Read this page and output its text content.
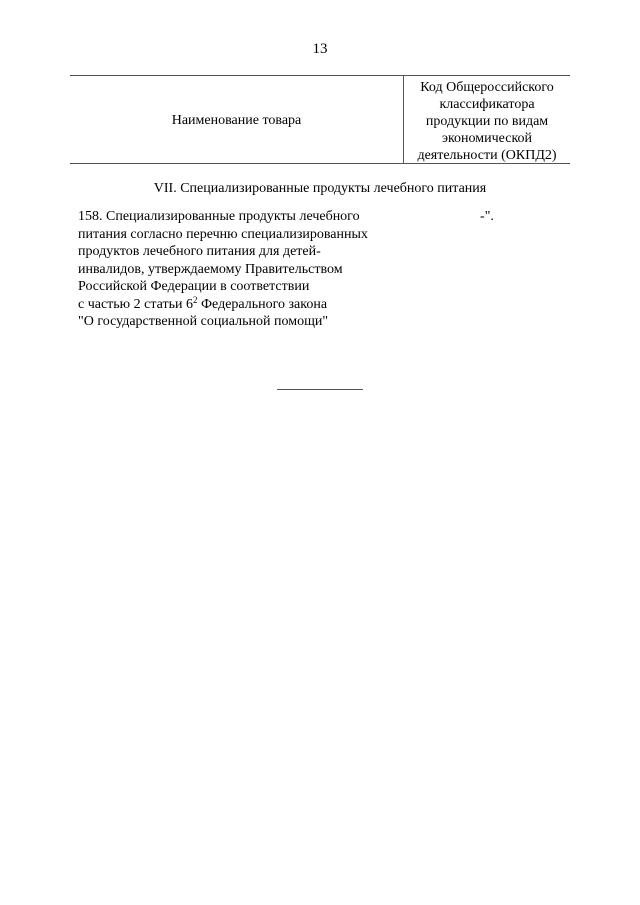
13
Наименование товара
Код Общероссийского
классификатора
продукции по видам
экономической
деятельности (ОКПД2)
VII. Специализированные продукты лечебного питания
158. Специализированные продукты лечебного
питания согласно перечню специализированных
продуктов лечебного питания для детей-
инвалидов, утверждаемому Правительством
Российской Федерации в соответствии
с частью 2 статьи $6^2$ Федерального закона
"О государственной социальной помощи"
-".
